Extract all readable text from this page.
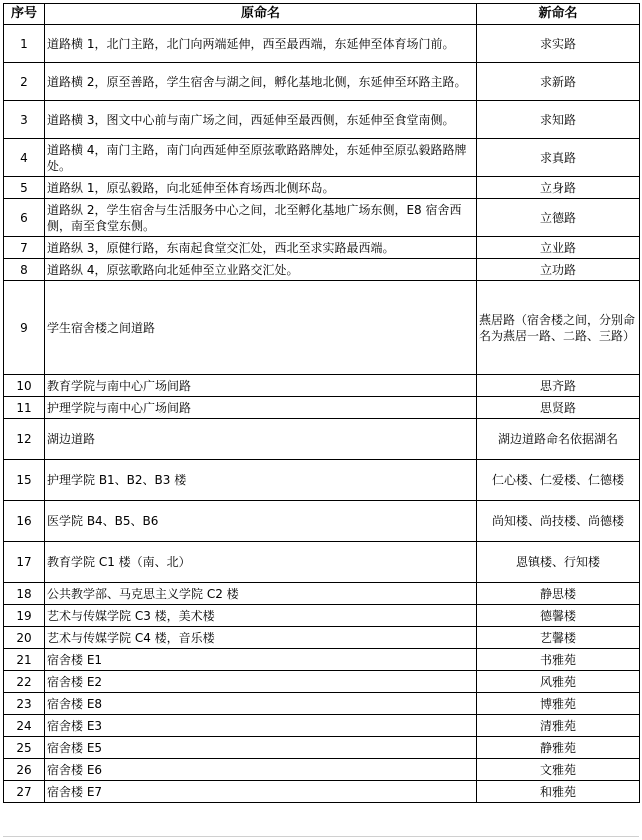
序号	原命名	新命名
1	道路横 1，北门主路，北门向两端延伸，西至最西端，东延伸至体育场门前。	求实路
2	道路横 2，原至善路，学生宿舍与湖之间，孵化基地北侧，东延伸至环路主路。	求新路
3	道路横 3，图文中心前与南广场之间，西延伸至最西侧，东延伸至食堂南侧。	求知路
4	道路横 4，南门主路，南门向西延伸至原弦歌路路牌处，东延伸至原弘毅路路牌处。	求真路
5	道路纵 1，原弘毅路，向北延伸至体育场西北侧环岛。	立身路
6	道路纵 2，学生宿舍与生活服务中心之间，北至孵化基地广场东侧，E8 宿舍西侧，南至食堂东侧。	立德路
7	道路纵 3，原健行路，东南起食堂交汇处，西北至求实路最西端。	立业路
8	道路纵 4，原弦歌路向北延伸至立业路交汇处。	立功路
9	学生宿舍楼之间道路	燕居路（宿舍楼之间，分别命名为燕居一路、二路、三路）
10	教育学院与南中心广场间路	思齐路
11	护理学院与南中心广场间路	思贤路
12	湖边道路	湖边道路命名依据湖名
15	护理学院 B1、B2、B3 楼	仁心楼、仁爱楼、仁德楼
16	医学院 B4、B5、B6	尚知楼、尚技楼、尚德楼
17	教育学院 C1 楼（南、北）	恩镇楼、行知楼
18	公共教学部、马克思主义学院 C2 楼	静思楼
19	艺术与传媒学院 C3 楼，美术楼	德馨楼
20	艺术与传媒学院 C4 楼，音乐楼	艺馨楼
21	宿舍楼 E1	书雅苑
22	宿舍楼 E2	风雅苑
23	宿舍楼 E8	博雅苑
24	宿舍楼 E3	清雅苑
25	宿舍楼 E5	静雅苑
26	宿舍楼 E6	文雅苑
27	宿舍楼 E7	和雅苑
